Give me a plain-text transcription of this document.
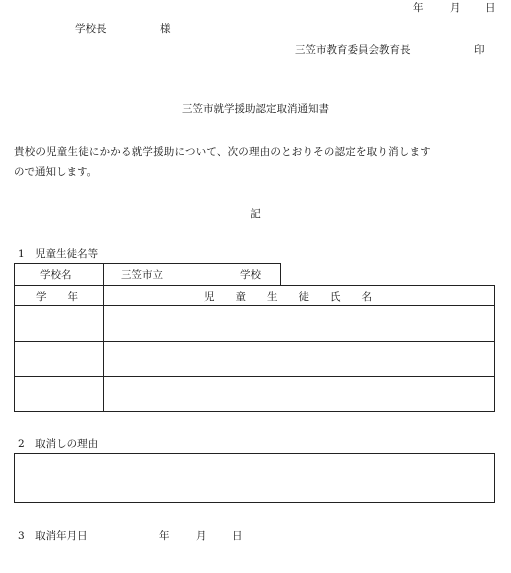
年	月 日
学校長	様
三笠市教育委員会教育長	印
三笠市就学援助認定取消通知書
貴校の児童生徒にかかる就学援助について、次の理由のとおりその認定を取り消します
ので通知します。
記
1　児童生徒名等
学校名	三笠市立	学校
学　　年	児　　童　　生　　徒　　氏　　名
2　取消しの理由
3　取消年月日	年	月 日
